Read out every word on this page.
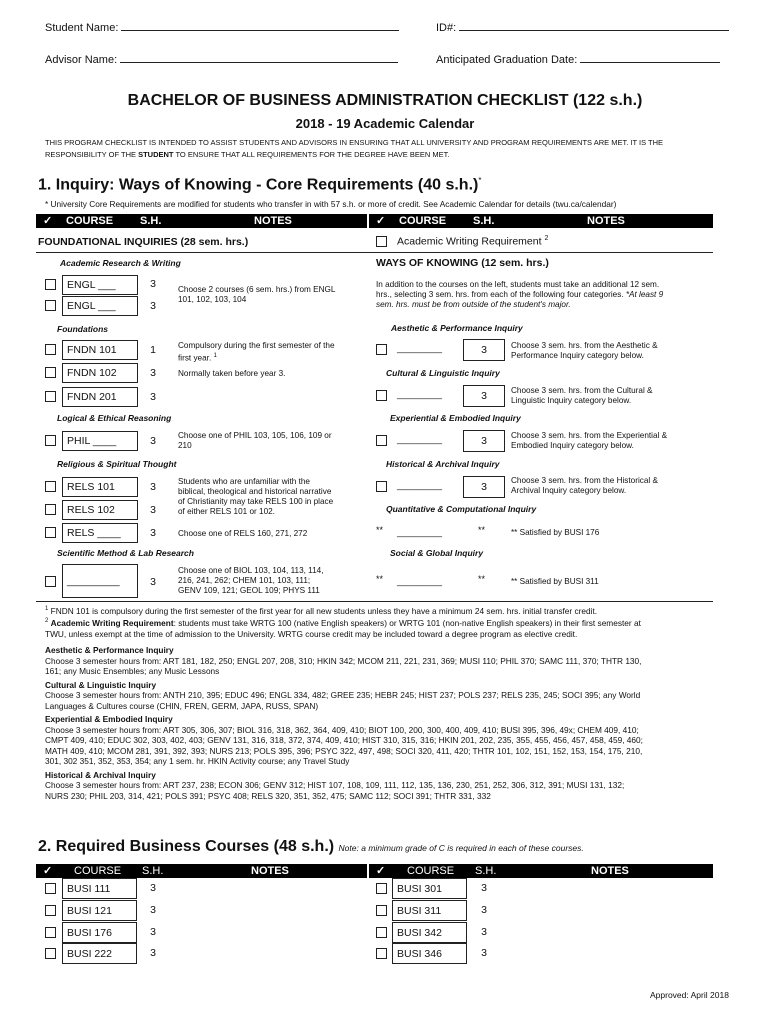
Student Name:	ID#:
Advisor Name:	Anticipated Graduation Date:
BACHELOR OF BUSINESS ADMINISTRATION CHECKLIST (122 s.h.)
2018 - 19 Academic Calendar
THIS PROGRAM CHECKLIST IS INTENDED TO ASSIST STUDENTS AND ADVISORS IN ENSURING THAT ALL UNIVERSITY AND PROGRAM REQUIREMENTS ARE MET. IT IS THE
RESPONSIBILITY OF THE STUDENT TO ENSURE THAT ALL REQUIREMENTS FOR THE DEGREE HAVE BEEN MET.
1. Inquiry: Ways of Knowing - Core Requirements (40 s.h.)*
* University Core Requirements are modified for students who transfer in with 57 s.h. or more of credit. See Academic Calendar for details (twu.ca/calendar)
✓ COURSE S.H.	NOTES	✓ COURSE S.H.	NOTES
FOUNDATIONAL INQUIRIES (28 sem. hrs.)	Academic Writing Requirement $^2$
Academic Research & Writing
ENGL ___	3
ENGL ___	3
Choose 2 courses (6 sem. hrs.) from ENGL
101, 102, 103, 104
Foundations
FNDN 101	1	Compulsory during the first semester of the
first year. $^1$
FNDN 102	3	Normally taken before year 3.
FNDN 201	3
Logical & Ethical Reasoning
PHIL ____	3	Choose one of PHIL 103, 105, 106, 109 or
210
Religious & Spiritual Thought
RELS 101	3
RELS 102	3
Students who are unfamiliar with the
biblical, theological and historical narrative
of Christianity may take RELS 100 in place
of either RELS 101 or 102.
RELS ____	3	Choose one of RELS 160, 271, 272
Scientific Method & Lab Research
_________	3
Choose one of BIOL 103, 104, 113, 114,
216, 241, 262; CHEM 101, 103, 111;
GENV 109, 121; GEOL 109; PHYS 111
WAYS OF KNOWING (12 sem. hrs.)
In addition to the courses on the left, students must take an additional 12 sem.
hrs., selecting 3 sem. hrs. from each of the following four categories. *At least 9
sem. hrs. must be from outside of the student's major.
Aesthetic & Performance Inquiry
_________	3	Choose 3 sem. hrs. from the Aesthetic &
Performance Inquiry category below.
Cultural & Linguistic Inquiry
_________	3	Choose 3 sem. hrs. from the Cultural &
Linguistic Inquiry category below.
Experiential & Embodied Inquiry
_________	3	Choose 3 sem. hrs. from the Experiential &
Embodied Inquiry category below.
Historical & Archival Inquiry
_________	3
Choose 3 sem. hrs. from the Historical &
Archival Inquiry category below.
Quantitative & Computational Inquiry
** _________	**	** Satisfied by BUSI 176
Social & Global Inquiry
** _________	**	** Satisfied by BUSI 311
$^1$ FNDN 101 is compulsory during the first semester of the first year for all new students unless they have a minimum 24 sem. hrs. initial transfer credit.
$^2$ Academic Writing Requirement: students must take WRTG 100 (native English speakers) or WRTG 101 (non-native English speakers) in their first semester at
TWU, unless exempt at the time of admission to the University. WRTG course credit may be included toward a degree program as elective credit.
Aesthetic & Performance Inquiry
Choose 3 semester hours from: ART 181, 182, 250; ENGL 207, 208, 310; HKIN 342; MCOM 211, 221, 231, 369; MUSI 110; PHIL 370; SAMC 111, 370; THTR 130,
161; any Music Ensembles; any Music Lessons
Cultural & Linguistic Inquiry
Choose 3 semester hours from: ANTH 210, 395; EDUC 496; ENGL 334, 482; GREE 235; HEBR 245; HIST 237; POLS 237; RELS 235, 245; SOCI 395; any World
Languages & Cultures course (CHIN, FREN, GERM, JAPA, RUSS, SPAN)
Experiential & Embodied Inquiry
Choose 3 semester hours from: ART 305, 306, 307; BIOL 316, 318, 362, 364, 409, 410; BIOT 100, 200, 300, 400, 409, 410; BUSI 395, 396, 49x; CHEM 409, 410;
CMPT 409, 410; EDUC 302, 303, 402, 403; GENV 131, 316, 318, 372, 374, 409, 410; HIST 310, 315, 316; HKIN 201, 202, 235, 355, 455, 456, 457, 458, 459, 460;
MATH 409, 410; MCOM 281, 391, 392, 393; NURS 213; POLS 395, 396; PSYC 322, 497, 498; SOCI 320, 411, 420; THTR 101, 102, 151, 152, 153, 154, 175, 210,
301, 302 351, 352, 353, 354; any 1 sem. hr. HKIN Activity course; any Travel Study
Historical & Archival Inquiry
Choose 3 semester hours from: ART 237, 238; ECON 306; GENV 312; HIST 107, 108, 109, 111, 112, 135, 136, 230, 251, 252, 306, 312, 391; MUSI 131, 132;
NURS 230; PHIL 203, 314, 421; POLS 391; PSYC 408; RELS 320, 351, 352, 475; SAMC 112; SOCI 391; THTR 331, 332
2. Required Business Courses (48 s.h.) Note: a minimum grade of C is required in each of these courses.
✓ COURSE S.H.	NOTES	✓ COURSE S.H.	NOTES
BUSI 111	3
BUSI 121	3
BUSI 176	3
BUSI 222	3
BUSI 301	3
BUSI 311	3
BUSI 342	3
BUSI 346	3
Approved: April 2018
